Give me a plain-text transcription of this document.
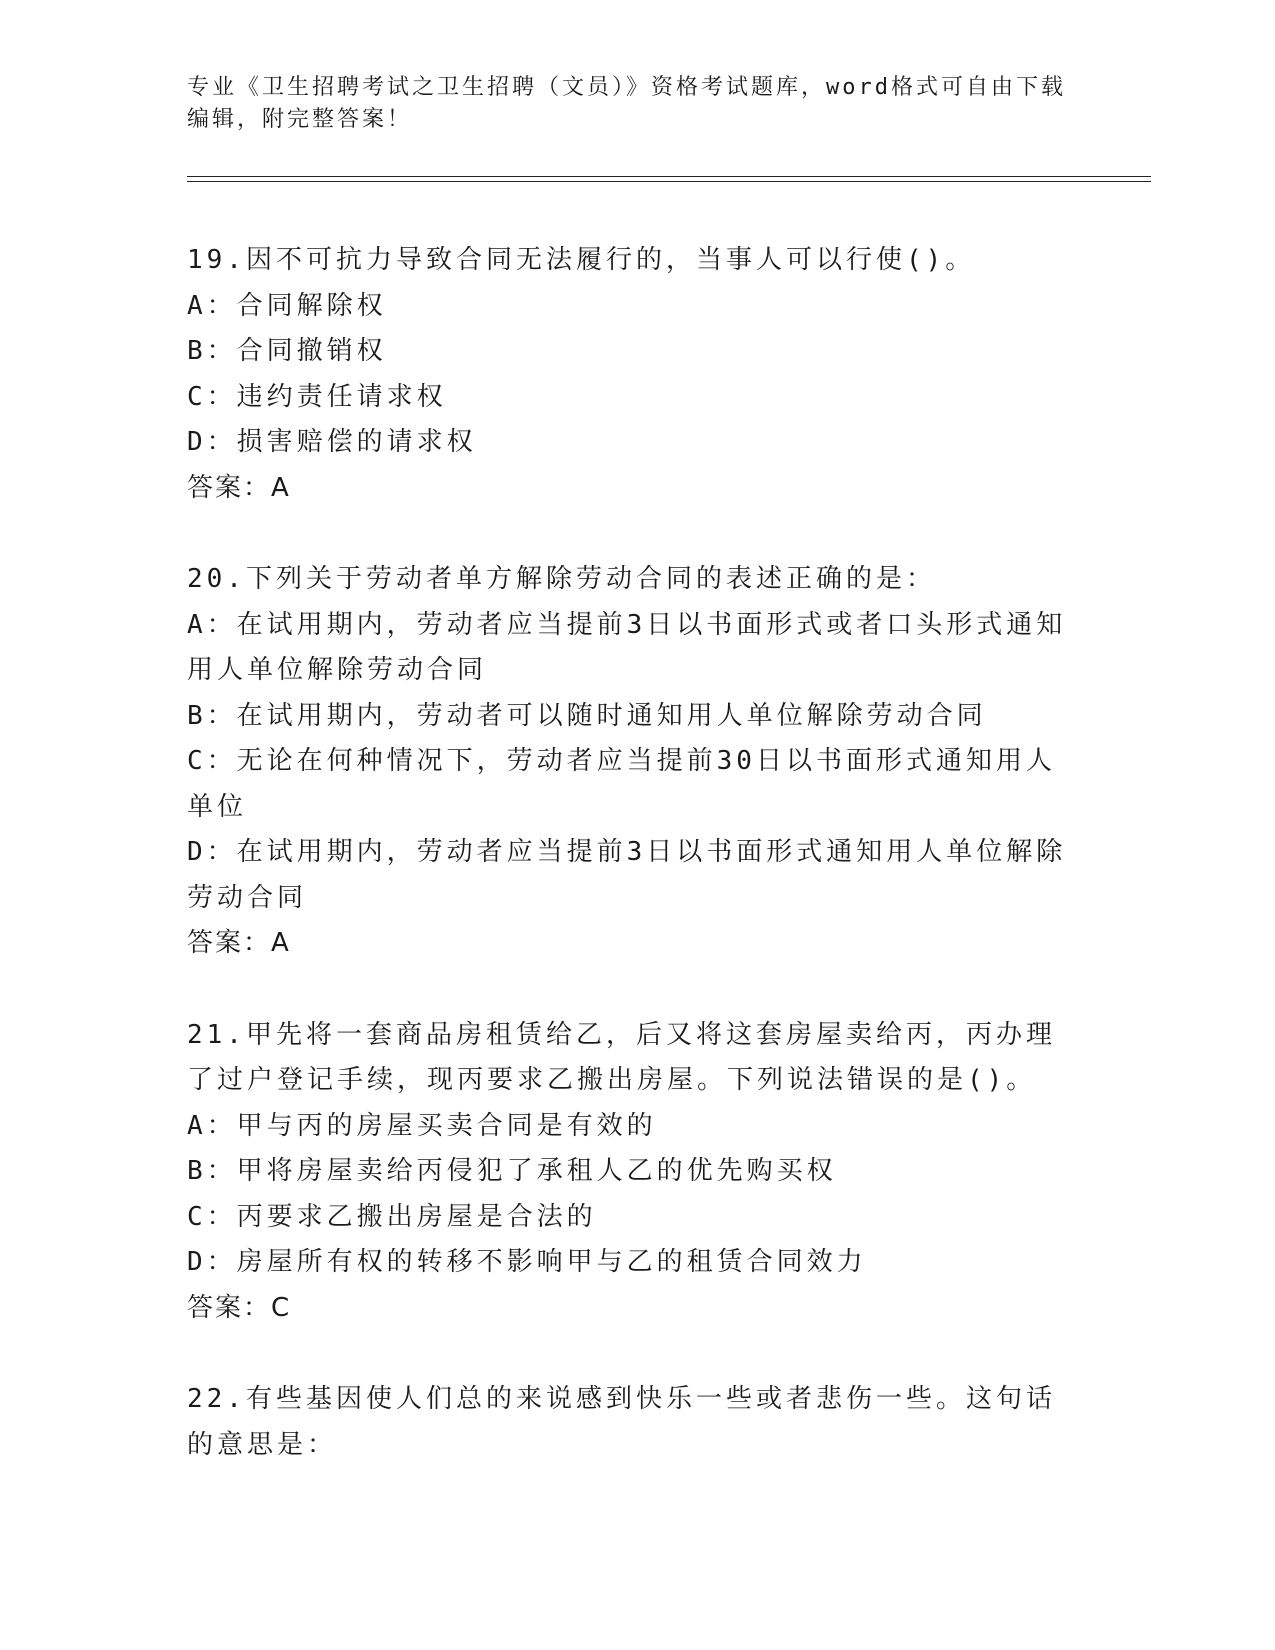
专业《卫生招聘考试之卫生招聘（文员）》资格考试题库，word格式可自由下载编辑，附完整答案！

19.因不可抗力导致合同无法履行的，当事人可以行使()。

A：合同解除权

B：合同撤销权

C：违约责任请求权

D：损害赔偿的请求权

答案：A

20.下列关于劳动者单方解除劳动合同的表述正确的是：

A：在试用期内，劳动者应当提前3日以书面形式或者口头形式通知用人单位解除劳动合同

B：在试用期内，劳动者可以随时通知用人单位解除劳动合同

C：无论在何种情况下，劳动者应当提前30日以书面形式通知用人单位

D：在试用期内，劳动者应当提前3日以书面形式通知用人单位解除劳动合同

答案：A

21.甲先将一套商品房租赁给乙，后又将这套房屋卖给丙，丙办理了过户登记手续，现丙要求乙搬出房屋。下列说法错误的是()。

A：甲与丙的房屋买卖合同是有效的

B：甲将房屋卖给丙侵犯了承租人乙的优先购买权

C：丙要求乙搬出房屋是合法的

D：房屋所有权的转移不影响甲与乙的租赁合同效力

答案：C

22.有些基因使人们总的来说感到快乐一些或者悲伤一些。这句话的意思是：
